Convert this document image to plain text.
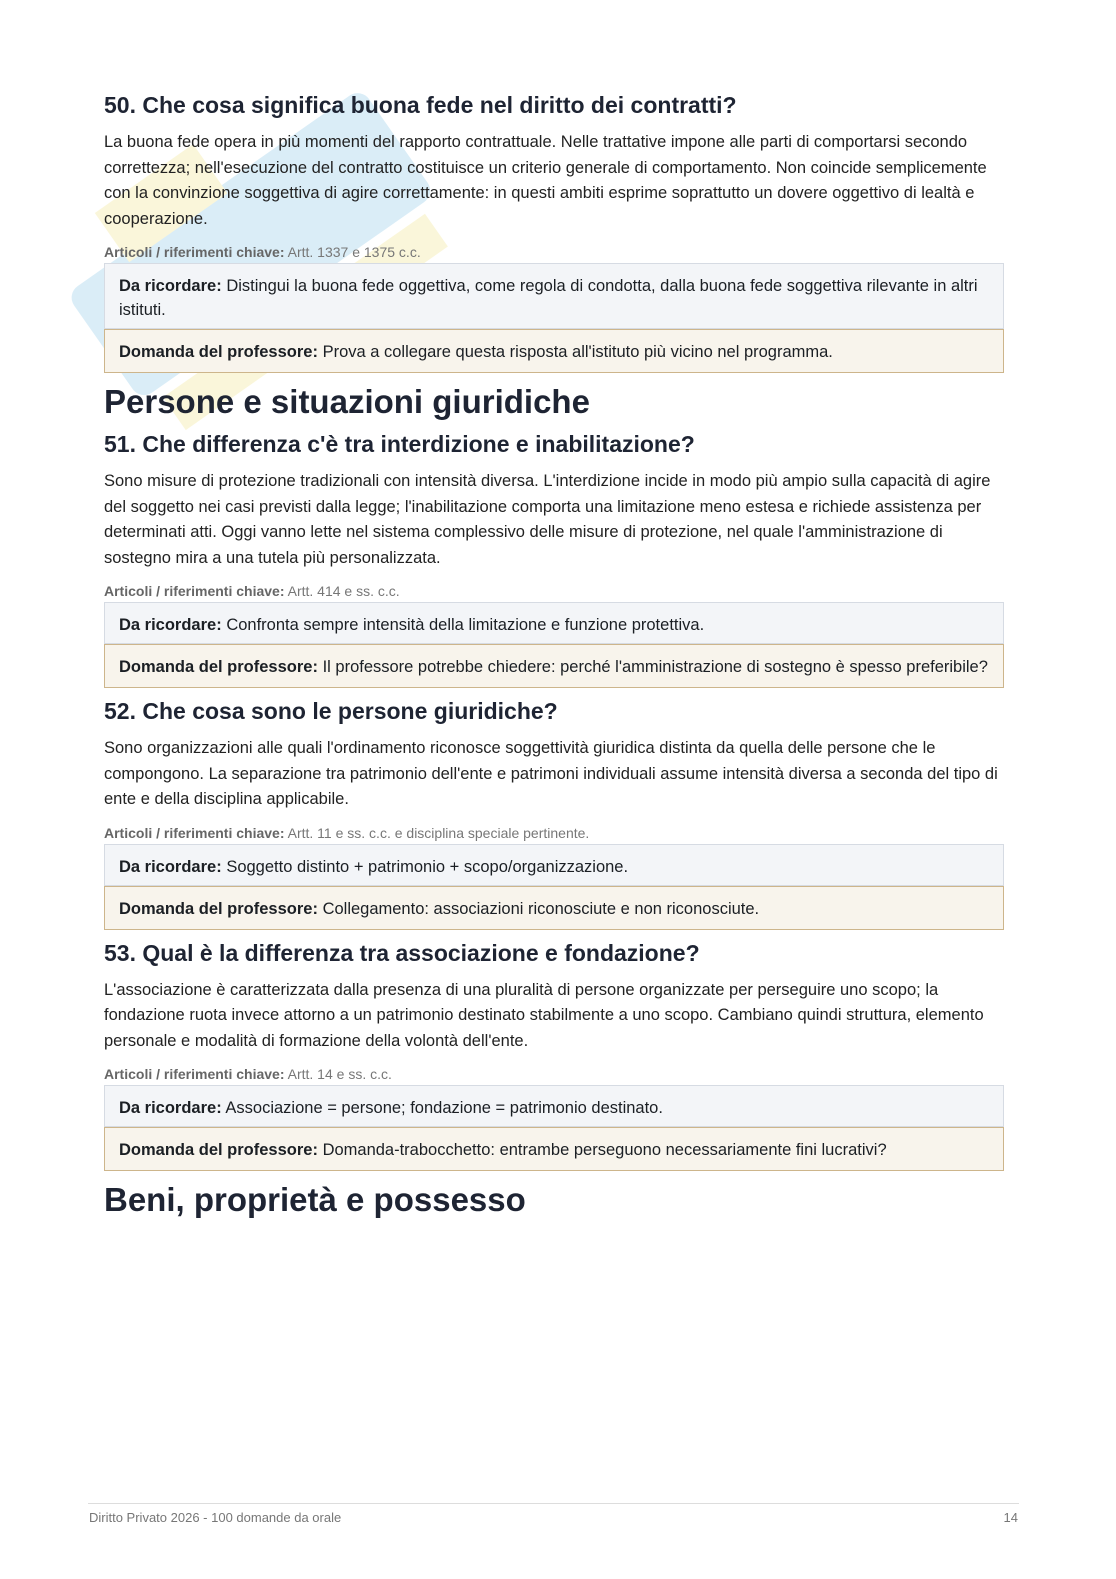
50. Che cosa significa buona fede nel diritto dei contratti?

La buona fede opera in più momenti del rapporto contrattuale. Nelle trattative impone alle parti di comportarsi secondo correttezza; nell'esecuzione del contratto costituisce un criterio generale di comportamento. Non coincide semplicemente con la convinzione soggettiva di agire correttamente: in questi ambiti esprime soprattutto un dovere oggettivo di lealtà e cooperazione.

Articoli / riferimenti chiave: Artt. 1337 e 1375 c.c.
Da ricordare: Distingui la buona fede oggettiva, come regola di condotta, dalla buona fede soggettiva rilevante in altri istituti.
Domanda del professore: Prova a collegare questa risposta all'istituto più vicino nel programma.
Persone e situazioni giuridiche
51. Che differenza c'è tra interdizione e inabilitazione?

Sono misure di protezione tradizionali con intensità diversa. L'interdizione incide in modo più ampio sulla capacità di agire del soggetto nei casi previsti dalla legge; l'inabilitazione comporta una limitazione meno estesa e richiede assistenza per determinati atti. Oggi vanno lette nel sistema complessivo delle misure di protezione, nel quale l'amministrazione di sostegno mira a una tutela più personalizzata.

Articoli / riferimenti chiave: Artt. 414 e ss. c.c.
Da ricordare: Confronta sempre intensità della limitazione e funzione protettiva.
Domanda del professore: Il professore potrebbe chiedere: perché l'amministrazione di sostegno è spesso preferibile?
52. Che cosa sono le persone giuridiche?

Sono organizzazioni alle quali l'ordinamento riconosce soggettività giuridica distinta da quella delle persone che le compongono. La separazione tra patrimonio dell'ente e patrimoni individuali assume intensità diversa a seconda del tipo di ente e della disciplina applicabile.

Articoli / riferimenti chiave: Artt. 11 e ss. c.c. e disciplina speciale pertinente.
Da ricordare: Soggetto distinto + patrimonio + scopo/organizzazione.
Domanda del professore: Collegamento: associazioni riconosciute e non riconosciute.
53. Qual è la differenza tra associazione e fondazione?

L'associazione è caratterizzata dalla presenza di una pluralità di persone organizzate per perseguire uno scopo; la fondazione ruota invece attorno a un patrimonio destinato stabilmente a uno scopo. Cambiano quindi struttura, elemento personale e modalità di formazione della volontà dell'ente.

Articoli / riferimenti chiave: Artt. 14 e ss. c.c.
Da ricordare: Associazione = persone; fondazione = patrimonio destinato.
Domanda del professore: Domanda-trabocchetto: entrambe perseguono necessariamente fini lucrativi?
Beni, proprietà e possesso
Diritto Privato 2026 - 100 domande da orale	14
